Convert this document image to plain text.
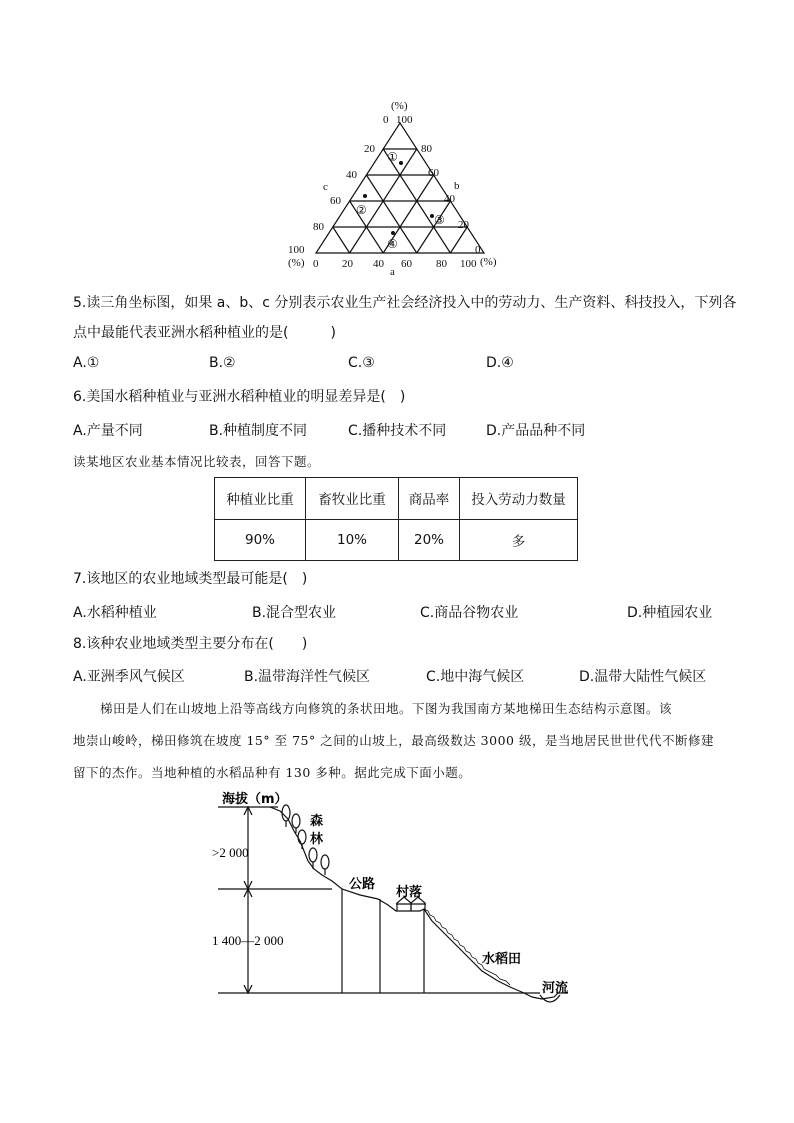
(%)
0 100
20
40
60
80
80
60
40
20
c	b
100
(%)
0
(%)
0 20 40 60 80 100
a
①
②
③
④
5.读三角坐标图，如果 a、b、c 分别表示农业生产社会经济投入中的劳动力、生产资料、科技投入，下列各
点中最能代表亚洲水稻种植业的是(　　　)
A.①	B.②	C.③	D.④
6.美国水稻种植业与亚洲水稻种植业的明显差异是(　)
A.产量不同	B.种植制度不同	C.播种技术不同	D.产品品种不同
读某地区农业基本情况比较表，回答下题。
种植业比重	畜牧业比重	商品率	投入劳动力数量
90%	10%	20%	多
7.该地区的农业地域类型最可能是(　)
A.水稻种植业	B.混合型农业	C.商品谷物农业	D.种植园农业
8.该种农业地域类型主要分布在(　　)
A.亚洲季风气候区	B.温带海洋性气候区	C.地中海气候区	D.温带大陆性气候区
梯田是人们在山坡地上沿等高线方向修筑的条状田地。下图为我国南方某地梯田生态结构示意图。该
地崇山峻岭，梯田修筑在坡度 15° 至 75° 之间的山坡上，最高级数达 3000 级，是当地居民世世代代不断修建
留下的杰作。当地种植的水稻品种有 130 多种。据此完成下面小题。
海拔（m）
>2 000
1 400—2 000
森
林
公路
村落
水稻田
河流
